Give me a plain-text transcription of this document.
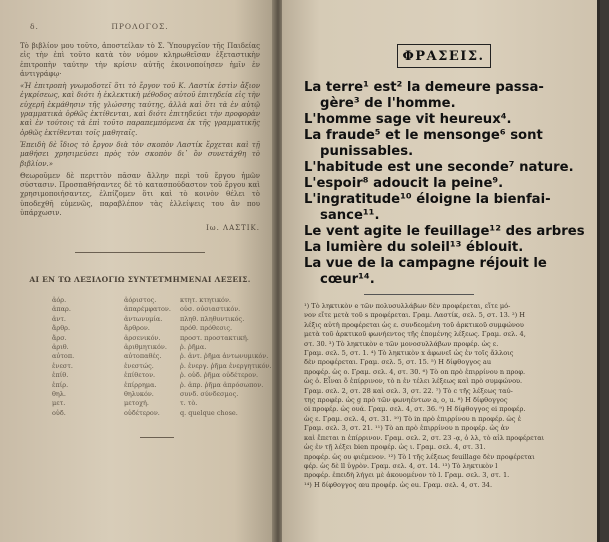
δ.	ΠΡΟΛΟΓΟΣ.

Τὸ βιβλίον μου τοῦτο, ἀποστείλαν τὸ Σ. Ὑπουργεῖον τῆς Παιδείας εἰς τὴν ἐπὶ τοῦτο κατὰ τὸν νόμον κληρωθεῖσαν ἐξεταστικὴν ἐπιτροπὴν ταύτην τὴν κρίσιν αὐτῆς ἐκοινοποίησεν ἡμῖν ἐν ἀντιγράφῳ·

«Ἡ ἐπιτροπὴ γνωμοδοτεῖ ὅτι τὸ ἔργον τοῦ Κ. Λαστίκ ἐστὶν ἄξιον ἐγκρίσεως, καὶ διότι ἡ ἐκλεκτικὴ μέθοδος αὐτοῦ ἐπιτηδεία εἰς τὴν εὐχερῆ ἐκμάθησιν τῆς γλώσσης ταύτης, ἀλλὰ καὶ ὅτι τὰ ἐν αὐτῷ γραμματικὰ ὀρθῶς ἐκτίθενται, καὶ διότι ἐπιτηδεύει τὴν προφορὰν καὶ ἐν τούτοις τὰ ἐπὶ τοῦτο παραπεμπόμενα ἐκ τῆς γραμματικῆς ὀρθῶς ἐκτίθενται τοῖς μαθηταῖς.

Ἐπειδὴ δὲ ἴδιος τὸ ἔργον διὰ τὸν σκοπὸν Λαστίκ ἔρχεται καὶ τῇ μαθήσει χρησιμεύσει πρὸς τὸν σκοπὸν δι᾽ ὃν συνετάχθη τὸ βιβλίον.»

Θεωροῦμεν δὲ περιττὸν πᾶσαν ἄλλην περὶ τοῦ ἔργου ἡμῶν σύστασιν. Προσπαθήσαντες δὲ τὸ κατασπούδαστον τοῦ ἔργου καὶ χρησιμοποιήσαντες, ἐλπίζομεν ὅτι καὶ τὸ κοινὸν θέλει τὸ ὑποδεχθῆ εὐμενῶς, παραβλέπον τὰς ἐλλείψεις του ἂν που ὑπάρχωσιν.

Ιω. ΛΑΣΤΙΚ.
ΑΙ ΕΝ ΤΩ ΛΕΞΙΛΟΓΙΩ ΣΥΝΤΕΤΜΗΜΕΝΑΙ ΛΕΞΕΙΣ.
ἀόρ.	ἀόριστος.	κτητ. κτητικόν.
ἀπαρ.	ἀπαρέμφατον.	οὐσ. οὐσιαστικόν.
ἀντ.	ἀντωνυμία.	πληθ. πληθυντικός.
ἄρθρ.	ἄρθρον.	πρόθ. πρόθεσις.
ἄρσ.	ἀρσενικόν.	προστ. προστακτική.
ἀριθ.	ἀριθμητικόν.	ῥ. ῥῆμα.
αὐτοπ.	αὐτοπαθές.	ῥ. ἀντ. ῥῆμα ἀντωνυμικόν.
ἐνεστ.	ἐνεστώς.	ῥ. ἐνεργ. ῥῆμα ἐνεργητικόν.
ἐπίθ.	ἐπίθετον.	ῥ. οὐδ. ῥῆμα οὐδέτερον.
ἐπίρ.	ἐπίρρημα.	ῥ. ἀπρ. ῥῆμα ἀπρόσωπον.
θηλ.	θηλυκόν.	συνδ. σύνδεσμος.
μετ.	μετοχή.	τ. τὸ.
οὐδ.	οὐδέτερον.	q. quelque chose.
ΦΡΑΣΕΙΣ.
La terre¹ est² la demeure passa-
gère³ de l'homme.
L'homme sage vit heureux⁴.
La fraude⁵ et le mensonge⁶ sont
punissables.
L'habitude est une seconde⁷ nature.
L'espoir⁸ adoucit la peine⁹.
L'ingratitude¹⁰ éloigne la bienfai-
sance¹¹.
Le vent agite le feuillage¹² des arbres
La lumière du soleil¹³ éblouit.
La vue de la campagne réjouit le
cœur¹⁴.
¹) Τὸ ληκτικὸν e τῶν πολυσυλλάβων δὲν προφέρεται, εἴτε μό-
νον εἴτε μετὰ τοῦ s προφέρεται. Γραμ. Λαστίκ, σελ. 5, στ. 13. ²) Η
λέξις αὐτὴ προφέρεται ὡς ε. συνδεομένη τοῦ ἀρκτικοῦ συμφώνου
μετὰ τοῦ ἀρκτικοῦ φωνήεντος τῆς ἑπομένης λέξεως. Γραμ. σελ. 4,
στ. 30. ³) Τὸ ληκτικὸν e τῶν μονοσυλλάβων προφέρ. ὡς ε.
Γραμ. σελ. 5, στ. 1. ⁴) Τὸ ληκτικὸν x ἀφωνεῖ ὡς ἐν τοῖς ἄλλοις
δὲν προφέρεται. Γραμ. σελ. 5, στ. 15. ⁵) Η δίφθογγος au
προφέρ. ὡς ο. Γραμ. σελ. 4, στ. 30. ⁶) Τὸ on πρὸ ἐπιρρίνου n προφ.
ὡς ὀ. Εἶναι ὅ ἐπίρρινον, τὸ n ἐν τέλει λέξεως καὶ πρὸ συμφώνου.
Γραμ. σελ. 2, στ. 28 καὶ σελ. 3, στ. 22. ⁷) Τὸ c τῆς λέξεως ταύ-
της προφέρ. ὡς g πρὸ τῶν φωνηέντων a, o, u. ⁸) Η δίφθογγος
oi προφέρ. ὡς ουά. Γραμ. σελ. 4, στ. 36. ⁹) Η δίφθογγος ei προφέρ.
ὡς ε. Γραμ. σελ. 4, στ. 31. ¹⁰) Τὸ in πρὸ ἐπιρρίνου n προφέρ. ὡς ἐ
Γραμ. σελ. 3, στ. 21. ¹¹) Τὸ an πρὸ ἐπιρρίνου n προφέρ. ὡς ἀν
καὶ ἔπεται n ἐπίρρινον. Γραμ. σελ. 2, στ. 23 -ᾳ, ὁ λλ, τὸ αἰλ προφέρεται
ὡς ἐν τῇ λέξει bien προφέρ. ὡς ι. Γραμ. σελ. 4, στ. 31.
προφέρ. ὡς ου φιέμενον. ¹²) Τὸ l τῆς λέξεως feuillage δὲν προφέρεται
φέρ. ὡς δὲ ll ὑγρὸν. Γραμ. σελ. 4, στ. 14. ¹³) Τὸ ληκτικὸν l
προφέρ. ἐπειδὴ λήγει μὲ ἀκουομένον τὸ l. Γραμ. σελ. 3, στ. 1.
¹⁴) Η δίφθογγος œu προφέρ. ὡς eu. Γραμ. σελ. 4, στ. 34.
